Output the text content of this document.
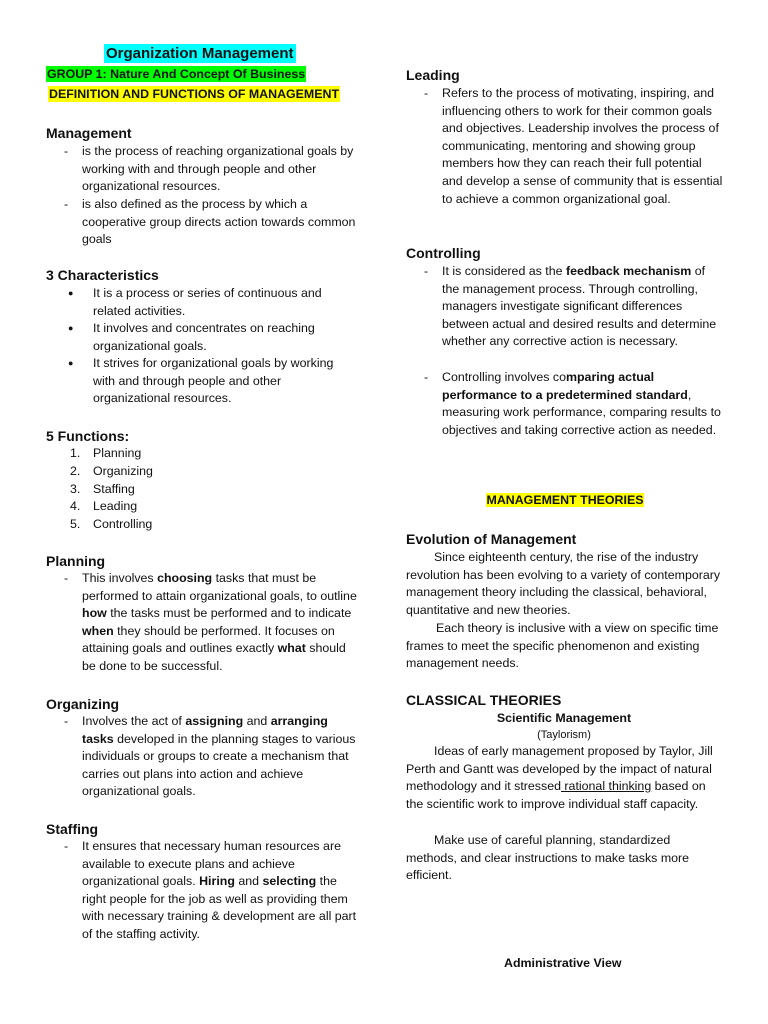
Organization Management
GROUP 1: Nature And Concept Of Business
DEFINITION AND FUNCTIONS OF MANAGEMENT
Management
-	is the process of reaching organizational goals by working with and through people and other organizational resources.
-	is also defined as the process by which a cooperative group directs action towards common goals
3 Characteristics
●	It is a process or series of continuous and related activities.
●	It involves and concentrates on reaching organizational goals.
●	It strives for organizational goals by working with and through people and other organizational resources.
5 Functions:
1.	Planning
2.	Organizing
3.	Staffing
4.	Leading
5.	Controlling
Planning
-	This involves choosing tasks that must be performed to attain organizational goals, to outline how the tasks must be performed and to indicate when they should be performed. It focuses on attaining goals and outlines exactly what should be done to be successful.
Organizing
-	Involves the act of assigning and arranging tasks developed in the planning stages to various individuals or groups to create a mechanism that carries out plans into action and achieve organizational goals.
Staffing
-	It ensures that necessary human resources are available to execute plans and achieve organizational goals. Hiring and selecting the right people for the job as well as providing them with necessary training & development are all part of the staffing activity.
Leading
-	Refers to the process of motivating, inspiring, and influencing others to work for their common goals and objectives. Leadership involves the process of communicating, mentoring and showing group members how they can reach their full potential and develop a sense of community that is essential to achieve a common organizational goal.
Controlling
-	It is considered as the feedback mechanism of the management process. Through controlling, managers investigate significant differences between actual and desired results and determine whether any corrective action is necessary.
-	Controlling involves comparing actual performance to a predetermined standard, measuring work performance, comparing results to objectives and taking corrective action as needed.
MANAGEMENT THEORIES
Evolution of Management

Since eighteenth century, the rise of the industry revolution has been evolving to a variety of contemporary management theory including the classical, behavioral, quantitative and new theories.

Each theory is inclusive with a view on specific time frames to meet the specific phenomenon and existing management needs.

CLASSICAL THEORIES
Scientific Management
(Taylorism)

Ideas of early management proposed by Taylor, Jill Perth and Gantt was developed by the impact of natural methodology and it stressed rational thinking based on the scientific work to improve individual staff capacity.

Make use of careful planning, standardized methods, and clear instructions to make tasks more efficient.

Administrative View
